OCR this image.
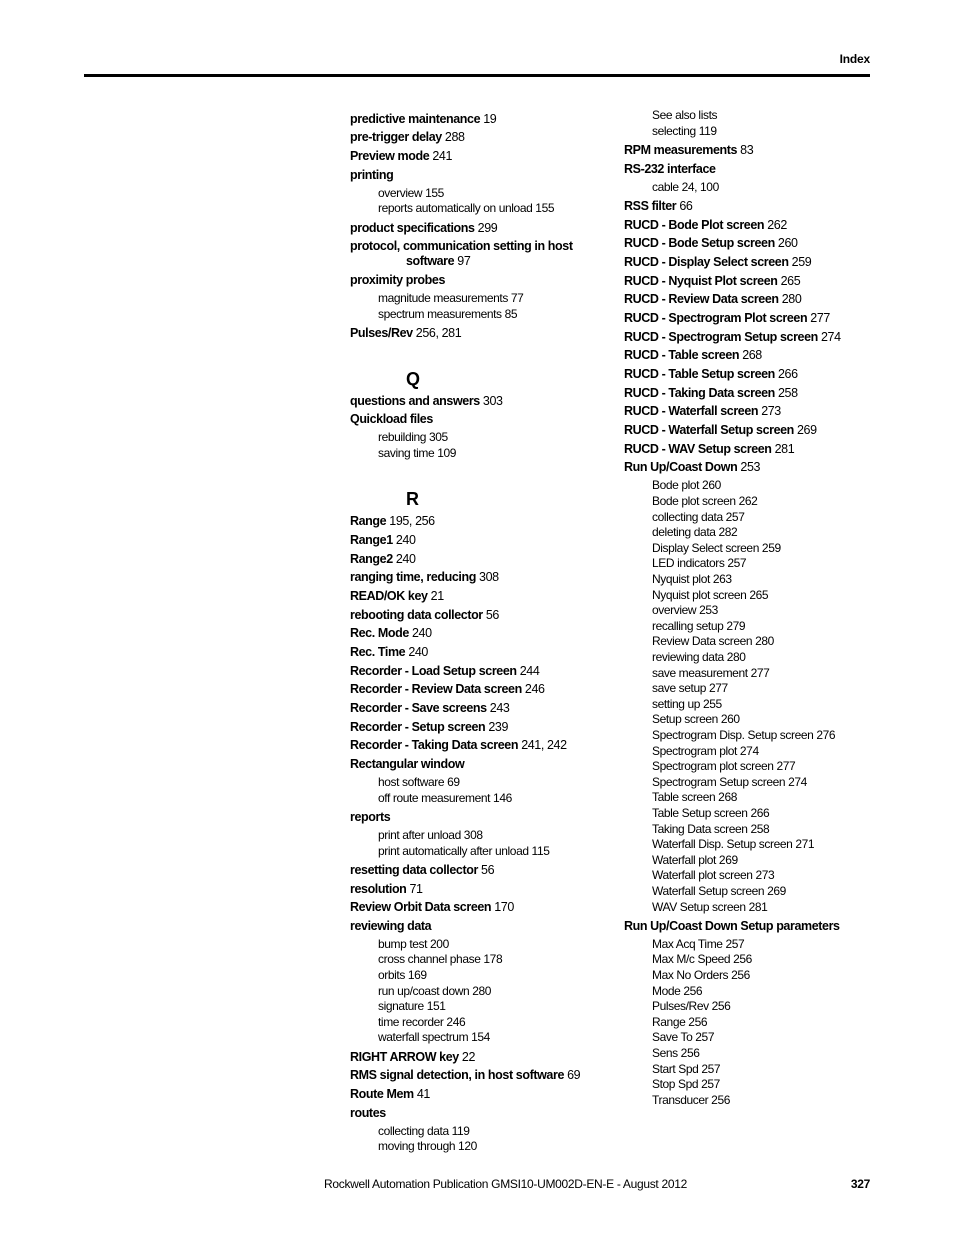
Index
predictive maintenance 19
pre-trigger delay 288
Preview mode 241
printing
overview 155
reports automatically on unload 155
product specifications 299
protocol, communication setting in host
software 97
proximity probes
magnitude measurements 77
spectrum measurements 85
Pulses/Rev 256, 281
Q
questions and answers 303
Quickload files
rebuilding 305
saving time 109
R
Range 195, 256
Range1 240
Range2 240
ranging time, reducing 308
READ/OK key 21
rebooting data collector 56
Rec. Mode 240
Rec. Time 240
Recorder - Load Setup screen 244
Recorder - Review Data screen 246
Recorder - Save screens 243
Recorder - Setup screen 239
Recorder - Taking Data screen 241, 242
Rectangular window
host software 69
off route measurement 146
reports
print after unload 308
print automatically after unload 115
resetting data collector 56
resolution 71
Review Orbit Data screen 170
reviewing data
bump test 200
cross channel phase 178
orbits 169
run up/coast down 280
signature 151
time recorder 246
waterfall spectrum 154
RIGHT ARROW key 22
RMS signal detection, in host software 69
Route Mem 41
routes
collecting data 119
moving through 120
See also lists
selecting 119
RPM measurements 83
RS-232 interface
cable 24, 100
RSS filter 66
RUCD - Bode Plot screen 262
RUCD - Bode Setup screen 260
RUCD - Display Select screen 259
RUCD - Nyquist Plot screen 265
RUCD - Review Data screen 280
RUCD - Spectrogram Plot screen 277
RUCD - Spectrogram Setup screen 274
RUCD - Table screen 268
RUCD - Table Setup screen 266
RUCD - Taking Data screen 258
RUCD - Waterfall screen 273
RUCD - Waterfall Setup screen 269
RUCD - WAV Setup screen 281
Run Up/Coast Down 253
Bode plot 260
Bode plot screen 262
collecting data 257
deleting data 282
Display Select screen 259
LED indicators 257
Nyquist plot 263
Nyquist plot screen 265
overview 253
recalling setup 279
Review Data screen 280
reviewing data 280
save measurement 277
save setup 277
setting up 255
Setup screen 260
Spectrogram Disp. Setup screen 276
Spectrogram plot 274
Spectrogram plot screen 277
Spectrogram Setup screen 274
Table screen 268
Table Setup screen 266
Taking Data screen 258
Waterfall Disp. Setup screen 271
Waterfall plot 269
Waterfall plot screen 273
Waterfall Setup screen 269
WAV Setup screen 281
Run Up/Coast Down Setup parameters
Max Acq Time 257
Max M/c Speed 256
Max No Orders 256
Mode 256
Pulses/Rev 256
Range 256
Save To 257
Sens 256
Start Spd 257
Stop Spd 257
Transducer 256
Rockwell Automation Publication GMSI10-UM002D-EN-E - August 2012	327
